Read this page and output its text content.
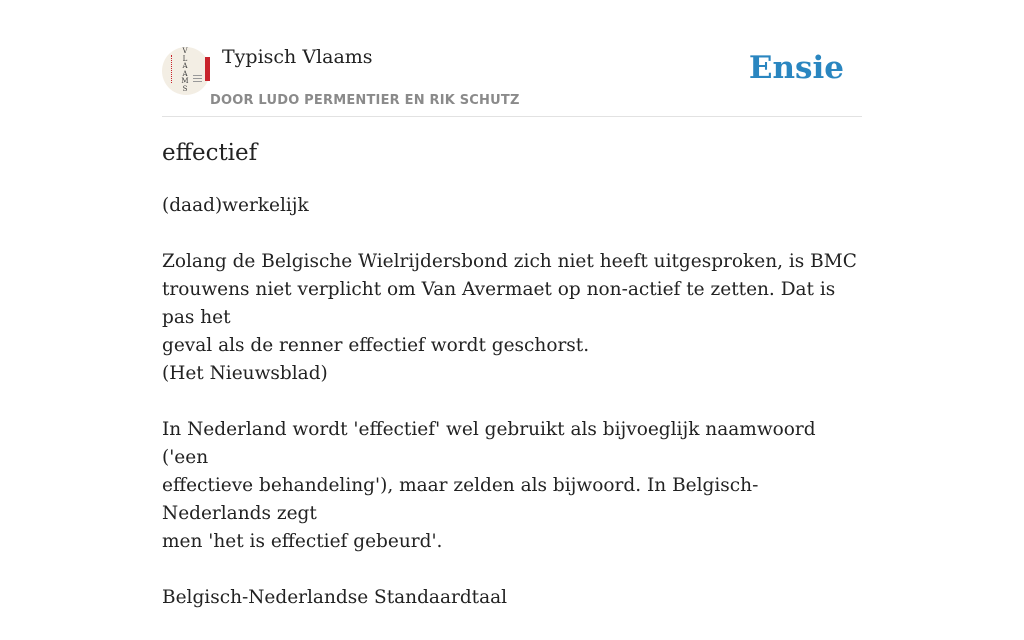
V
L
A
A
M
S
Typisch Vlaams
DOOR LUDO PERMENTIER EN RIK SCHUTZ
Ensie
effectief
(daad)werkelijk
Zolang de Belgische Wielrijdersbond zich niet heeft uitgesproken, is BMC
trouwens niet verplicht om Van Avermaet op non-actief te zetten. Dat is pas het
geval als de renner effectief wordt geschorst.
(Het Nieuwsblad)
In Nederland wordt 'effectief' wel gebruikt als bijvoeglijk naamwoord ('een
effectieve behandeling'), maar zelden als bijwoord. In Belgisch-Nederlands zegt
men 'het is effectief gebeurd'.
Belgisch-Nederlandse Standaardtaal
